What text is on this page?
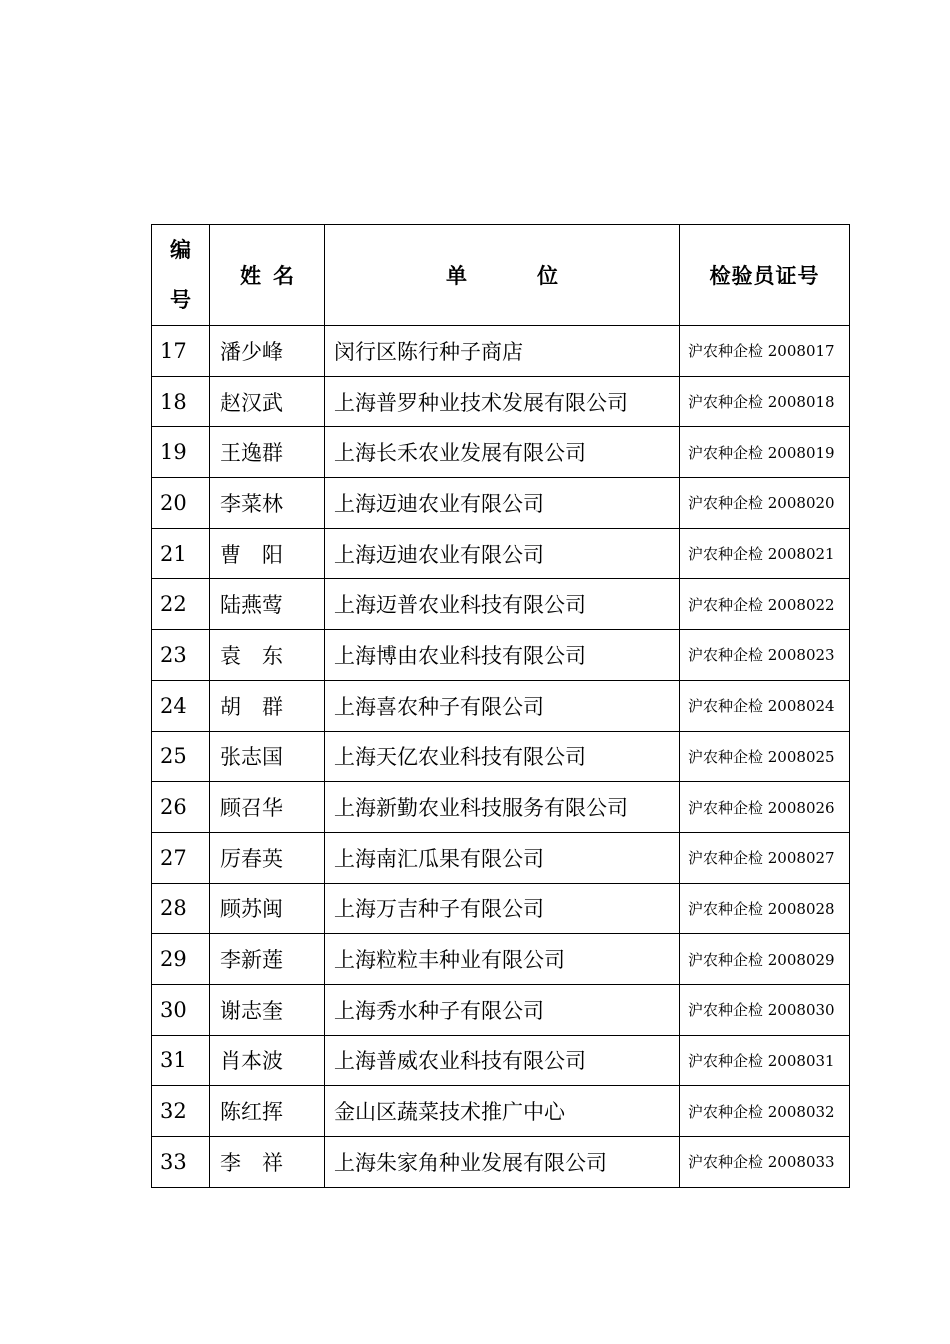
编号	姓名	单位	检验员证号
17	潘少峰	闵行区陈行种子商店	沪农种企检 2008017
18	赵汉武	上海普罗种业技术发展有限公司	沪农种企检 2008018
19	王逸群	上海长禾农业发展有限公司	沪农种企检 2008019
20	李菜林	上海迈迪农业有限公司	沪农种企检 2008020
21	曹阳	上海迈迪农业有限公司	沪农种企检 2008021
22	陆燕莺	上海迈普农业科技有限公司	沪农种企检 2008022
23	袁东	上海博由农业科技有限公司	沪农种企检 2008023
24	胡群	上海喜农种子有限公司	沪农种企检 2008024
25	张志国	上海天亿农业科技有限公司	沪农种企检 2008025
26	顾召华	上海新勤农业科技服务有限公司	沪农种企检 2008026
27	厉春英	上海南汇瓜果有限公司	沪农种企检 2008027
28	顾苏闽	上海万吉种子有限公司	沪农种企检 2008028
29	李新莲	上海粒粒丰种业有限公司	沪农种企检 2008029
30	谢志奎	上海秀水种子有限公司	沪农种企检 2008030
31	肖本波	上海普威农业科技有限公司	沪农种企检 2008031
32	陈红挥	金山区蔬菜技术推广中心	沪农种企检 2008032
33	李祥	上海朱家角种业发展有限公司	沪农种企检 2008033
